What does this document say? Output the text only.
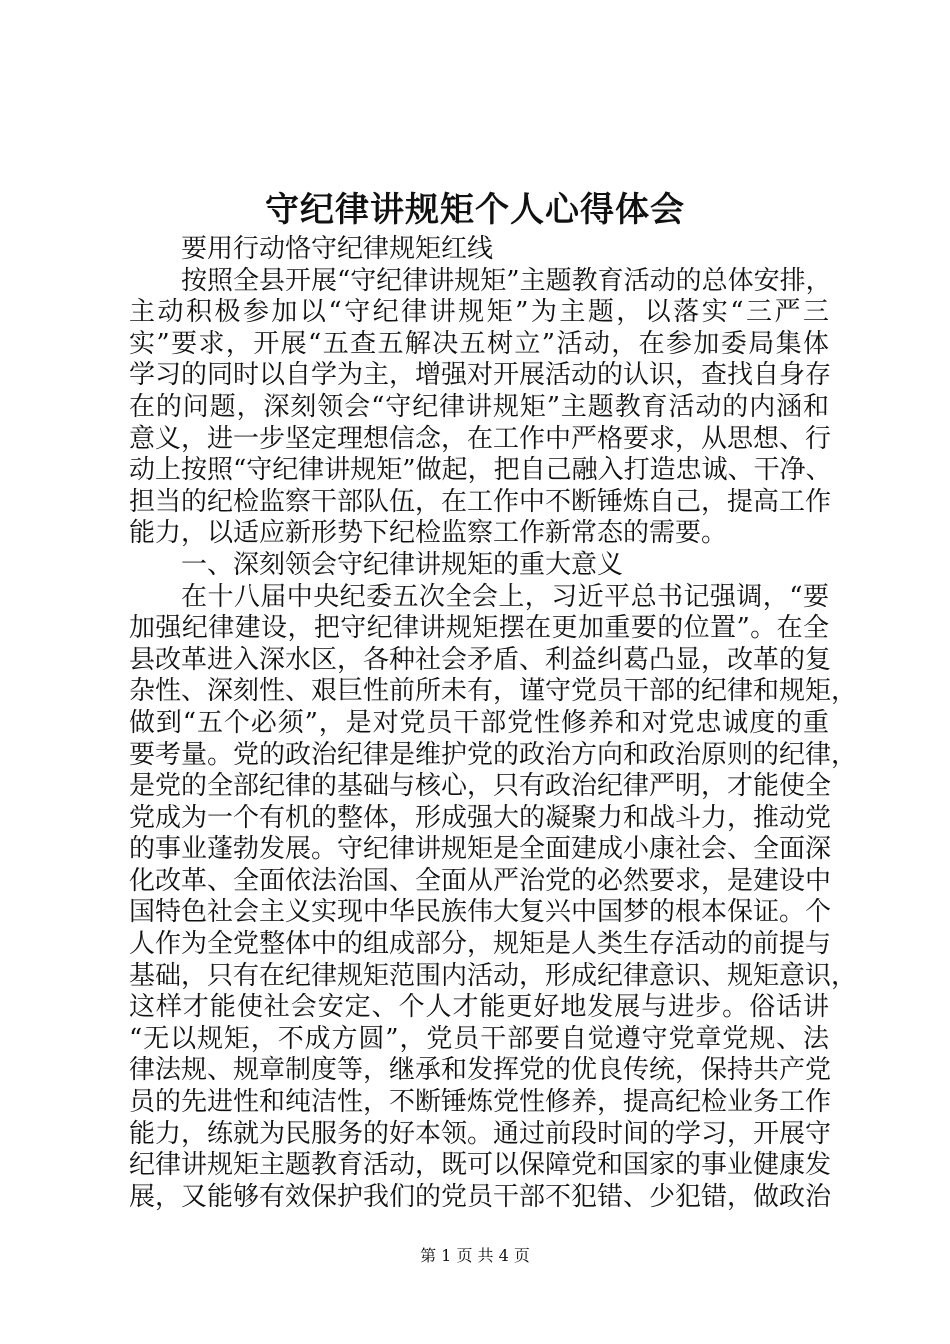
守纪律讲规矩个人心得体会
要用行动恪守纪律规矩红线
按照全县开展“守纪律讲规矩”主题教育活动的总体安排，
主动积极参加以“守纪律讲规矩”为主题，以落实“三严三
实”要求，开展“五查五解决五树立”活动，在参加委局集体
学习的同时以自学为主，增强对开展活动的认识，查找自身存
在的问题，深刻领会“守纪律讲规矩”主题教育活动的内涵和
意义，进一步坚定理想信念，在工作中严格要求，从思想、行
动上按照“守纪律讲规矩”做起，把自己融入打造忠诚、干净、
担当的纪检监察干部队伍，在工作中不断锤炼自己，提高工作
能力，以适应新形势下纪检监察工作新常态的需要。
一、深刻领会守纪律讲规矩的重大意义
在十八届中央纪委五次全会上，习近平总书记强调，“要
加强纪律建设，把守纪律讲规矩摆在更加重要的位置”。在全
县改革进入深水区，各种社会矛盾、利益纠葛凸显，改革的复
杂性、深刻性、艰巨性前所未有，谨守党员干部的纪律和规矩，
做到“五个必须”，是对党员干部党性修养和对党忠诚度的重
要考量。党的政治纪律是维护党的政治方向和政治原则的纪律，
是党的全部纪律的基础与核心，只有政治纪律严明，才能使全
党成为一个有机的整体，形成强大的凝聚力和战斗力，推动党
的事业蓬勃发展。守纪律讲规矩是全面建成小康社会、全面深
化改革、全面依法治国、全面从严治党的必然要求，是建设中
国特色社会主义实现中华民族伟大复兴中国梦的根本保证。个
人作为全党整体中的组成部分，规矩是人类生存活动的前提与
基础，只有在纪律规矩范围内活动，形成纪律意识、规矩意识，
这样才能使社会安定、个人才能更好地发展与进步。俗话讲
“无以规矩，不成方圆”，党员干部要自觉遵守党章党规、法
律法规、规章制度等，继承和发挥党的优良传统，保持共产党
员的先进性和纯洁性，不断锤炼党性修养，提高纪检业务工作
能力，练就为民服务的好本领。通过前段时间的学习，开展守
纪律讲规矩主题教育活动，既可以保障党和国家的事业健康发
展，又能够有效保护我们的党员干部不犯错、少犯错，做政治
第 1 页 共 4 页
